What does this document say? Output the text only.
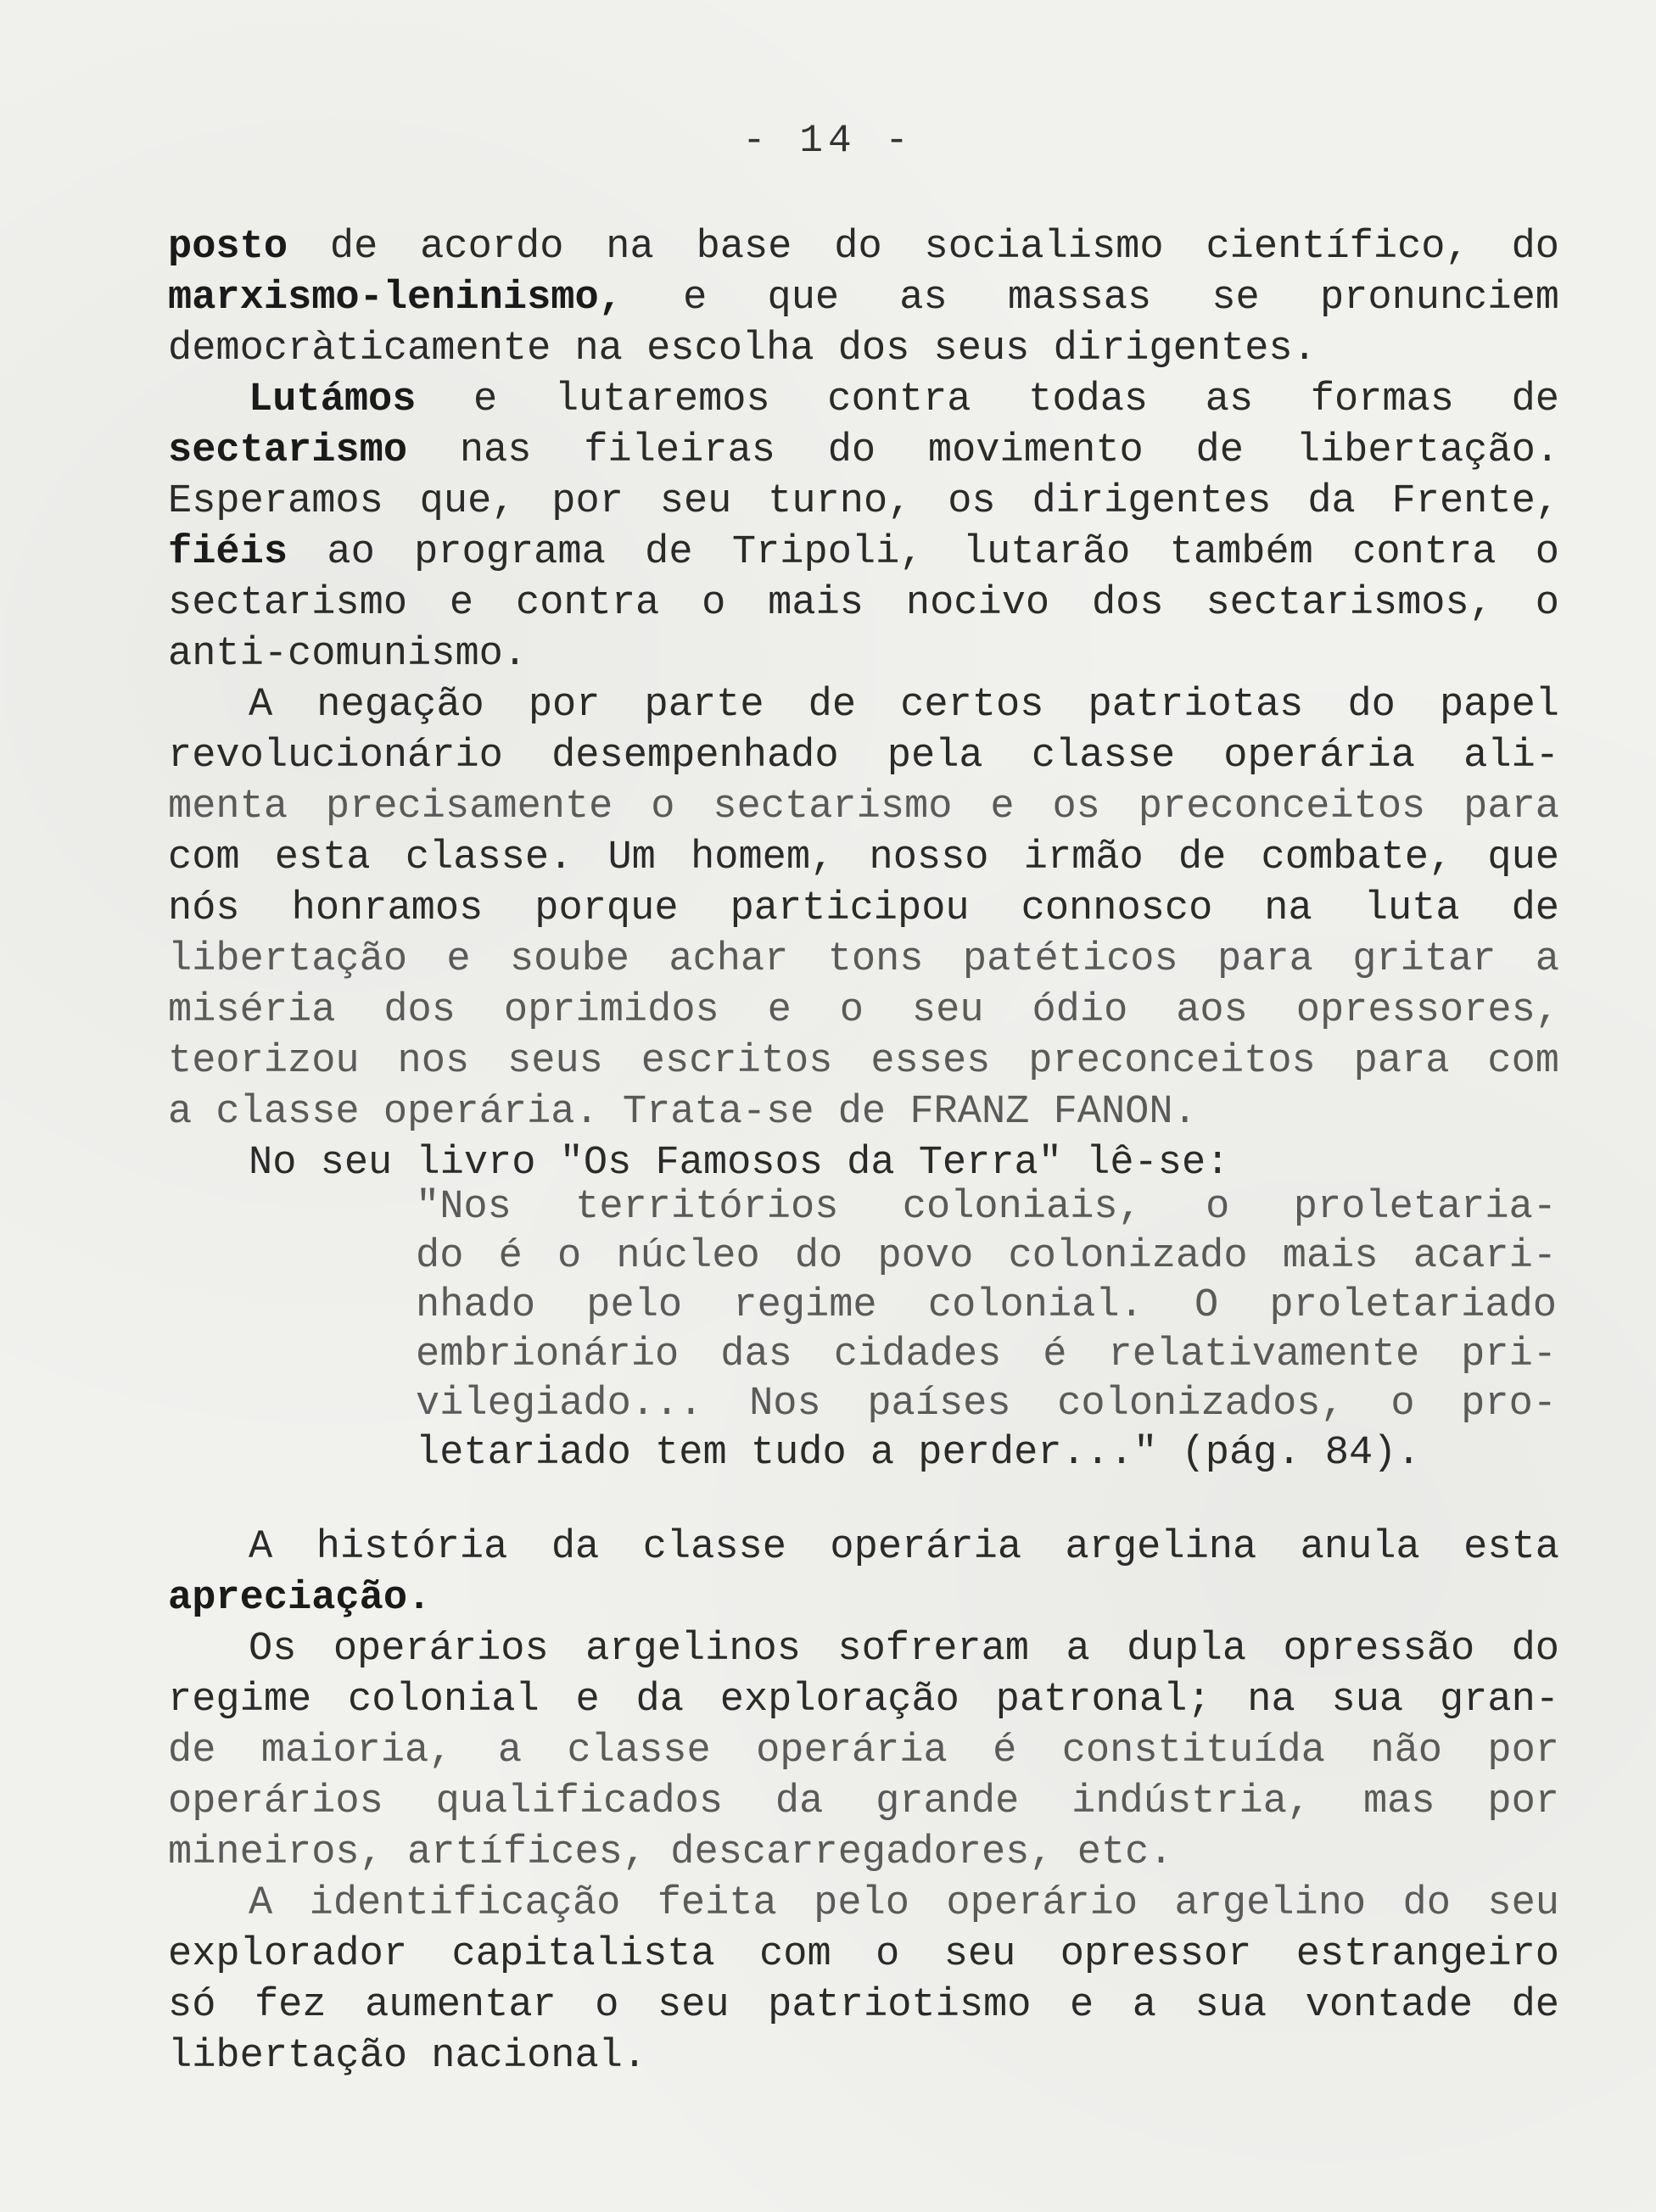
- 14 -
posto de acordo na base do socialismo científico, do
marxismo-leninismo, e que as massas se pronunciem
democràticamente na escolha dos seus dirigentes.
Lutámos e lutaremos contra todas as formas de
sectarismo nas fileiras do movimento de libertação.
Esperamos que, por seu turno, os dirigentes da Frente,
fiéis ao programa de Tripoli, lutarão também contra o
sectarismo e contra o mais nocivo dos sectarismos, o
anti-comunismo.
A negação por parte de certos patriotas do papel
revolucionário desempenhado pela classe operária ali-
menta precisamente o sectarismo e os preconceitos para
com esta classe. Um homem, nosso irmão de combate, que
nós honramos porque participou connosco na luta de
libertação e soube achar tons patéticos para gritar a
miséria dos oprimidos e o seu ódio aos opressores,
teorizou nos seus escritos esses preconceitos para com
a classe operária. Trata-se de FRANZ FANON.
No seu livro "Os Famosos da Terra" lê-se:
"Nos territórios coloniais, o proletaria-
do é o núcleo do povo colonizado mais acari-
nhado pelo regime colonial. O proletariado
embrionário das cidades é relativamente pri-
vilegiado... Nos países colonizados, o pro-
letariado tem tudo a perder..." (pág. 84).
A história da classe operária argelina anula esta
apreciação.
Os operários argelinos sofreram a dupla opressão do
regime colonial e da exploração patronal; na sua gran-
de maioria, a classe operária é constituída não por
operários qualificados da grande indústria, mas por
mineiros, artífices, descarregadores, etc.
A identificação feita pelo operário argelino do seu
explorador capitalista com o seu opressor estrangeiro
só fez aumentar o seu patriotismo e a sua vontade de
libertação nacional.
